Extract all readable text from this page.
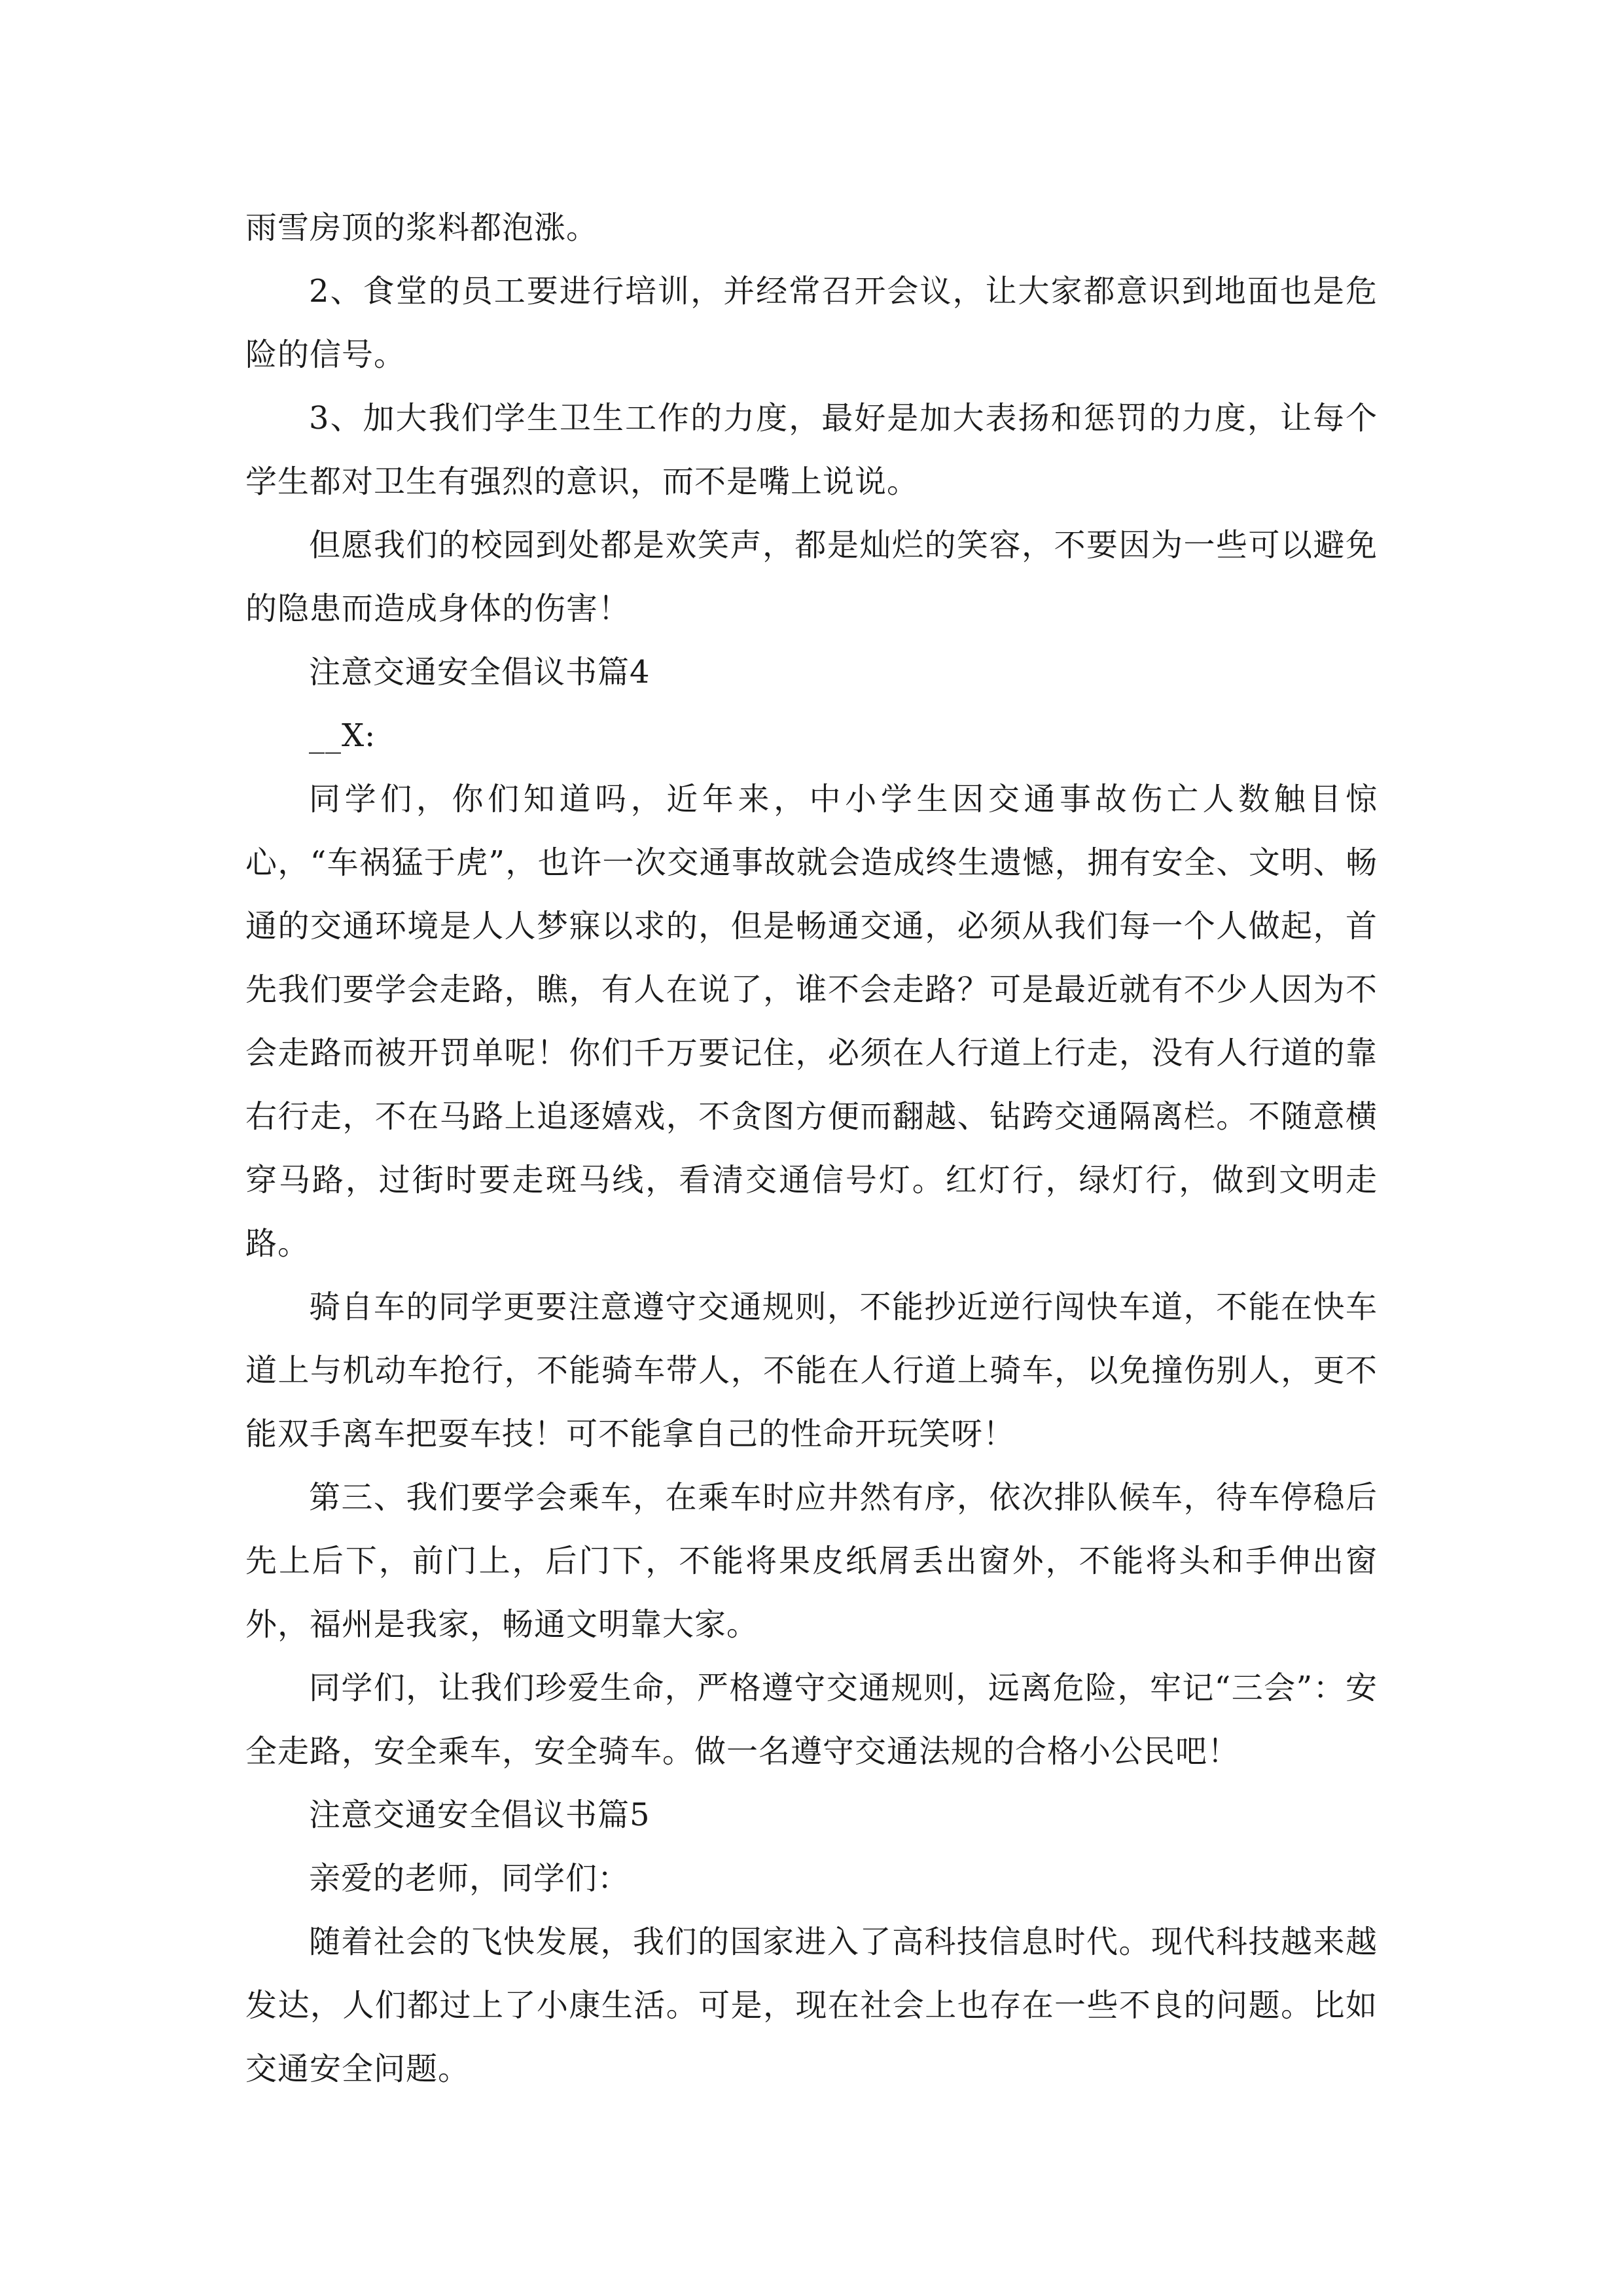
雨雪房顶的浆料都泡涨。

2、食堂的员工要进行培训，并经常召开会议，让大家都意识到地面也是危险的信号。

3、加大我们学生卫生工作的力度，最好是加大表扬和惩罚的力度，让每个学生都对卫生有强烈的意识，而不是嘴上说说。

但愿我们的校园到处都是欢笑声，都是灿烂的笑容，不要因为一些可以避免的隐患而造成身体的伤害！

注意交通安全倡议书篇4

__X:

同学们，你们知道吗，近年来，中小学生因交通事故伤亡人数触目惊心，“车祸猛于虎”，也许一次交通事故就会造成终生遗憾，拥有安全、文明、畅通的交通环境是人人梦寐以求的，但是畅通交通，必须从我们每一个人做起，首先我们要学会走路，瞧，有人在说了，谁不会走路？可是最近就有不少人因为不会走路而被开罚单呢！你们千万要记住，必须在人行道上行走，没有人行道的靠右行走，不在马路上追逐嬉戏，不贪图方便而翻越、钻跨交通隔离栏。不随意横穿马路，过街时要走斑马线，看清交通信号灯。红灯行，绿灯行，做到文明走路。

骑自车的同学更要注意遵守交通规则，不能抄近逆行闯快车道，不能在快车道上与机动车抢行，不能骑车带人，不能在人行道上骑车，以免撞伤别人，更不能双手离车把耍车技！可不能拿自己的性命开玩笑呀！

第三、我们要学会乘车，在乘车时应井然有序，依次排队候车，待车停稳后先上后下，前门上，后门下，不能将果皮纸屑丢出窗外，不能将头和手伸出窗外，福州是我家，畅通文明靠大家。

同学们，让我们珍爱生命，严格遵守交通规则，远离危险，牢记“三会”：安全走路，安全乘车，安全骑车。做一名遵守交通法规的合格小公民吧！

注意交通安全倡议书篇5

亲爱的老师，同学们：

随着社会的飞快发展，我们的国家进入了高科技信息时代。现代科技越来越发达，人们都过上了小康生活。可是，现在社会上也存在一些不良的问题。比如交通安全问题。
